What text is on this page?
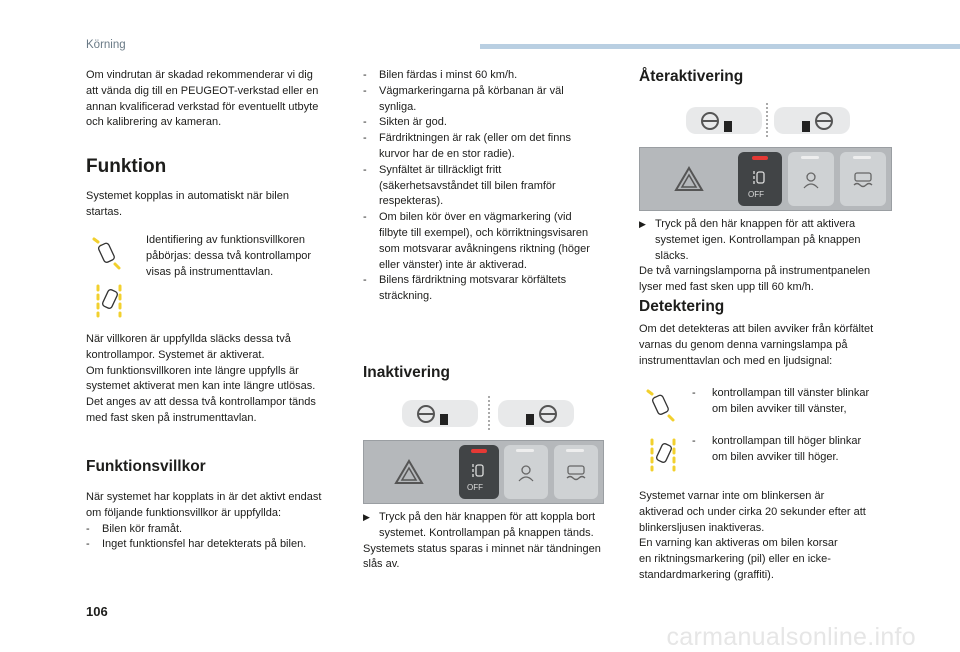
Körning

Om vindrutan är skadad rekommenderar vi dig

att vända dig till en PEUGEOT-verkstad eller en

annan kvalificerad verkstad för eventuellt utbyte

och kalibrering av kameran.

Funktion

Systemet kopplas in automatiskt när bilen

startas.

Identifiering av funktionsvillkoren

påbörjas: dessa två kontrollampor

visas på instrumenttavlan.

När villkoren är uppfyllda släcks dessa två

kontrollampor. Systemet är aktiverat.

Om funktionsvillkoren inte längre uppfylls är

systemet aktiverat men kan inte längre utlösas.

Det anges av att dessa två kontrollampor tänds

med fast sken på instrumenttavlan.

Funktionsvillkor

När systemet har kopplats in är det aktivt endast

om följande funktionsvillkor är uppfyllda:

-	Bilen kör framåt.
-	Inget funktionsfel har detekterats på bilen.
-	Bilen färdas i minst 60 km/h.

-	Vägmarkeringarna på körbanan är väl

synliga.

-	Sikten är god.

-	Färdriktningen är rak (eller om det finns

kurvor har de en stor radie).

-	Synfältet är tillräckligt fritt

(säkerhetsavståndet till bilen framför

respekteras).

-	Om bilen kör över en vägmarkering (vid

filbyte till exempel), och körriktningsvisaren

som motsvarar avåkningens riktning (höger

eller vänster) inte är aktiverad.

-	Bilens färdriktning motsvarar körfältets

sträckning.

Inaktivering
OFF
▶ Tryck på den här knappen för att koppla bort

systemet. Kontrollampan på knappen tänds.

Systemets status sparas i minnet när tändningen

slås av.

Återaktivering
OFF
▶ Tryck på den här knappen för att aktivera

systemet igen. Kontrollampan på knappen

släcks.

De två varningslamporna på instrumentpanelen

lyser med fast sken upp till 60 km/h.

Detektering

Om det detekteras att bilen avviker från körfältet

varnas du genom denna varningslampa på

instrumenttavlan och med en ljudsignal:

-	kontrollampan till vänster blinkar

om bilen avviker till vänster,

-	kontrollampan till höger blinkar

om bilen avviker till höger.

Systemet varnar inte om blinkersen är

aktiverad och under cirka 20 sekunder efter att

blinkersljusen inaktiveras.

En varning kan aktiveras om bilen korsar

en riktningsmarkering (pil) eller en icke-

standardmarkering (graffiti).

106
carmanualsonline.info
